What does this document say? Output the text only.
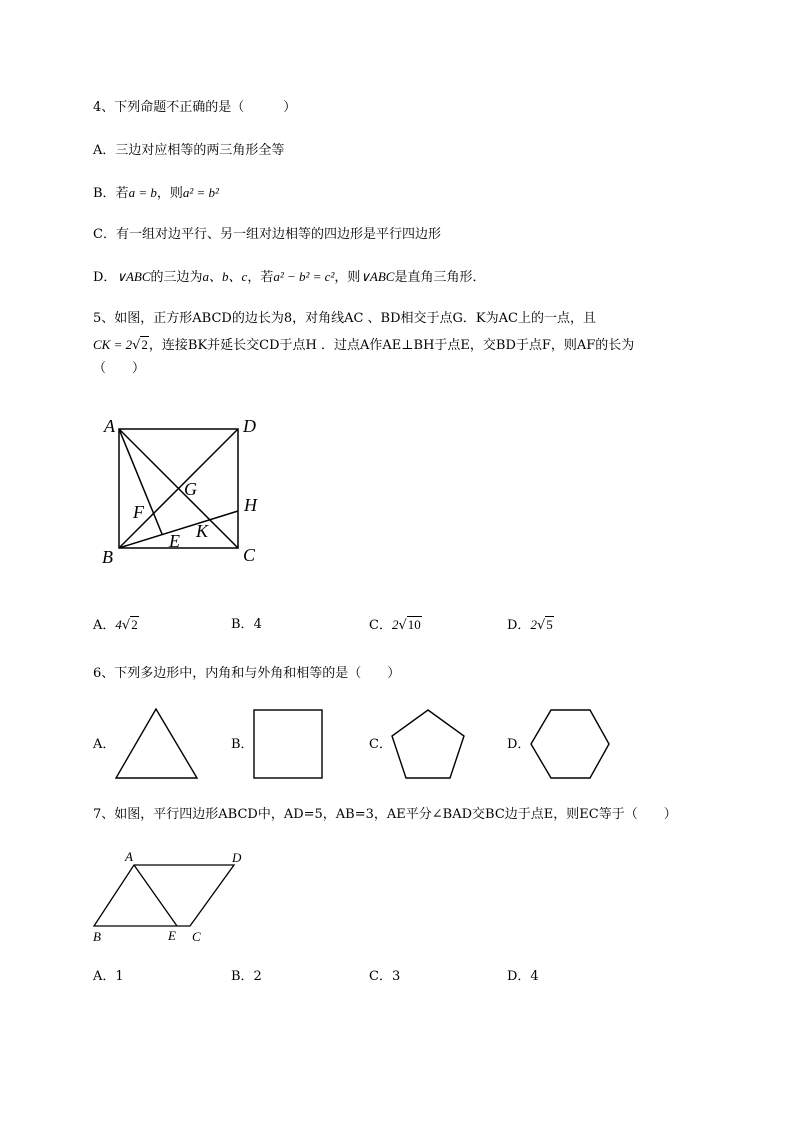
4、下列命题不正确的是（　　　）
A．三边对应相等的两三角形全等
B．若a = b，则a² = b²
C．有一组对边平行、另一组对边相等的四边形是平行四边形
D．∨ABC的三边为a、b、c，若a² − b² = c²，则∨ABC是直角三角形．
5、如图，正方形ABCD的边长为8，对角线AC 、BD相交于点G．K为AC上的一点，且
CK = 2√2，连接BK并延长交CD于点H ．过点A作AE⊥BH于点E，交BD于点F，则AF的长为
（　　）
A	D
G
H
F
K
E
B	C
A．4√2	B．4	C．2√10	D．2√5
6、下列多边形中，内角和与外角和相等的是（　　）
A．	B．	C．	D．
7、如图，平行四边形ABCD中，AD=5，AB=3，AE平分∠BAD交BC边于点E，则EC等于（　　）
A	D
B	E C
A．1	B．2	C．3	D．4
